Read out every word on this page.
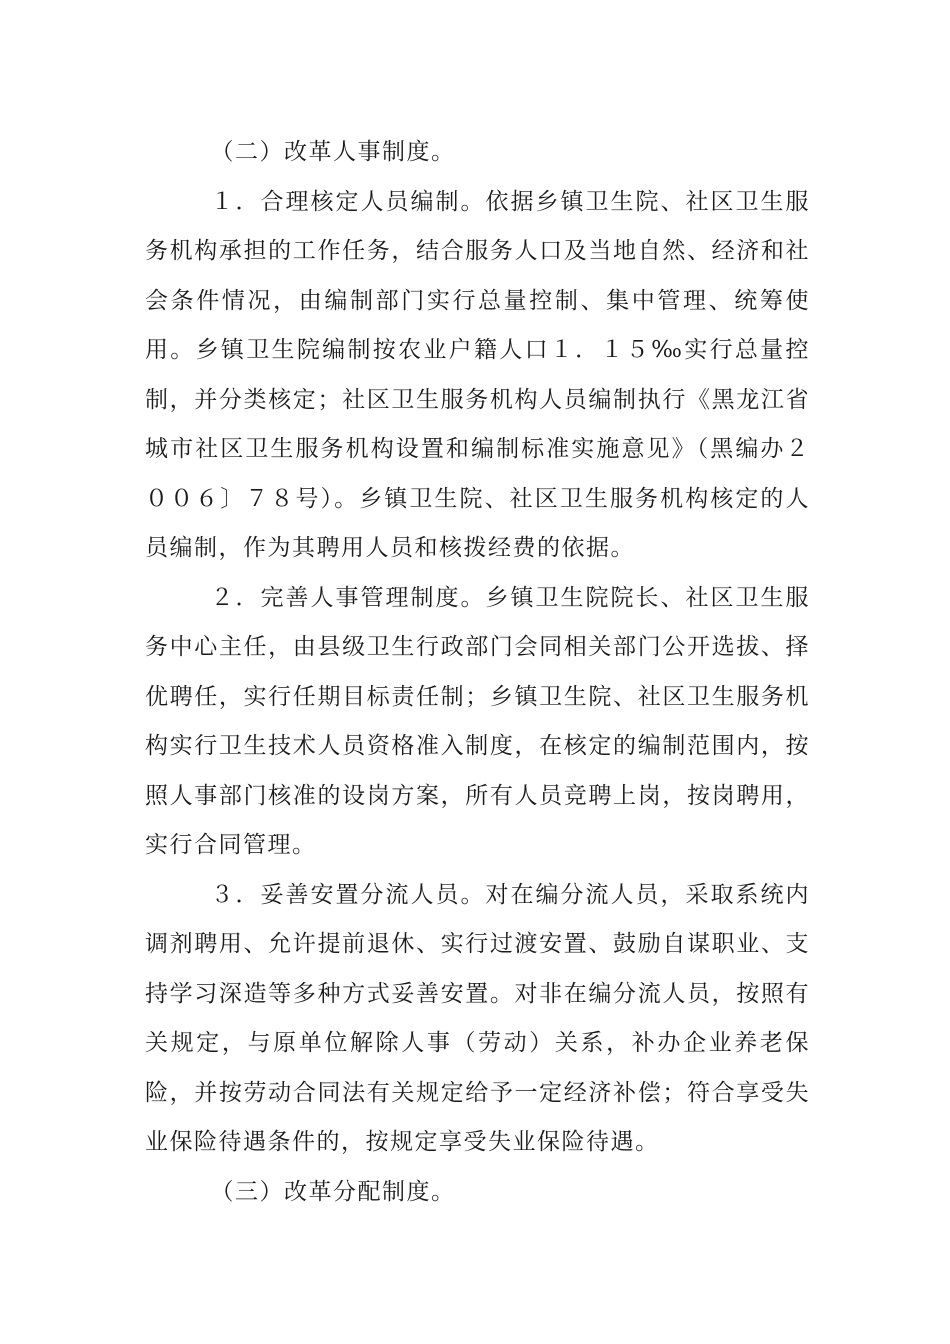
（二）改革人事制度。

１．合理核定人员编制。依据乡镇卫生院、社区卫生服务机构承担的工作任务，结合服务人口及当地自然、经济和社会条件情况，由编制部门实行总量控制、集中管理、统筹使用。乡镇卫生院编制按农业户籍人口１．１５‰实行总量控制，并分类核定；社区卫生服务机构人员编制执行《黑龙江省城市社区卫生服务机构设置和编制标准实施意见》（黑编办２００６〕７８号）。乡镇卫生院、社区卫生服务机构核定的人员编制，作为其聘用人员和核拨经费的依据。

２．完善人事管理制度。乡镇卫生院院长、社区卫生服务中心主任，由县级卫生行政部门会同相关部门公开选拔、择优聘任，实行任期目标责任制；乡镇卫生院、社区卫生服务机构实行卫生技术人员资格准入制度，在核定的编制范围内，按照人事部门核准的设岗方案，所有人员竞聘上岗，按岗聘用，实行合同管理。

３．妥善安置分流人员。对在编分流人员，采取系统内调剂聘用、允许提前退休、实行过渡安置、鼓励自谋职业、支持学习深造等多种方式妥善安置。对非在编分流人员，按照有关规定，与原单位解除人事（劳动）关系，补办企业养老保险，并按劳动合同法有关规定给予一定经济补偿；符合享受失业保险待遇条件的，按规定享受失业保险待遇。

（三）改革分配制度。
